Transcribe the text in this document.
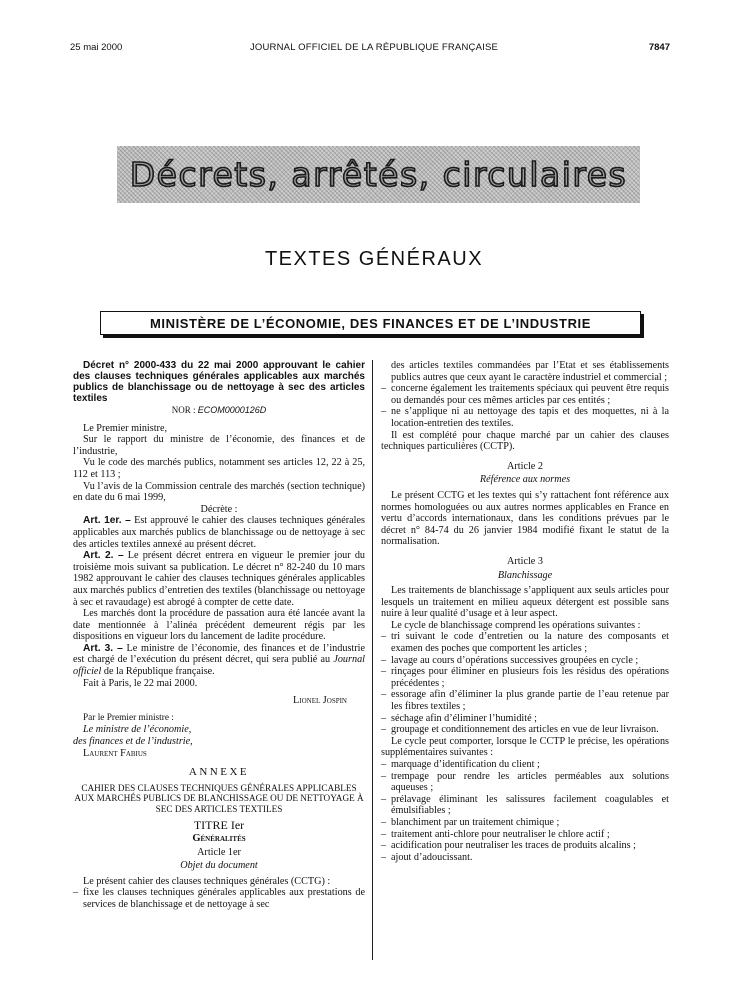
25 mai 2000	JOURNAL OFFICIEL DE LA RÉPUBLIQUE FRANÇAISE	7847
Décrets, arrêtés, circulaires
TEXTES GÉNÉRAUX
MINISTÈRE DE L’ÉCONOMIE, DES FINANCES ET DE L’INDUSTRIE

Décret n° 2000-433 du 22 mai 2000 approuvant le cahier des clauses techniques générales applicables aux marchés publics de blanchissage ou de nettoyage à sec des articles textiles

NOR : ECOM0000126D

Le Premier ministre,

Sur le rapport du ministre de l’économie, des finances et de l’industrie,

Vu le code des marchés publics, notamment ses articles 12, 22 à 25, 112 et 113 ;

Vu l’avis de la Commission centrale des marchés (section technique) en date du 6 mai 1999,

Décrète :

Art. 1er. – Est approuvé le cahier des clauses techniques générales applicables aux marchés publics de blanchissage ou de nettoyage à sec des articles textiles annexé au présent décret.

Art. 2. – Le présent décret entrera en vigueur le premier jour du troisième mois suivant sa publication. Le décret n° 82-240 du 10 mars 1982 approuvant le cahier des clauses techniques générales applicables aux marchés publics d’entretien des textiles (blanchissage ou nettoyage à sec et ravaudage) est abrogé à compter de cette date.

Les marchés dont la procédure de passation aura été lancée avant la date mentionnée à l’alinéa précédent demeurent régis par les dispositions en vigueur lors du lancement de ladite procédure.

Art. 3. – Le ministre de l’économie, des finances et de l’industrie est chargé de l’exécution du présent décret, qui sera publié au Journal officiel de la République française.

Fait à Paris, le 22 mai 2000.

Lionel Jospin

Par le Premier ministre :

Le ministre de l’économie,

des finances et de l’industrie,

Laurent Fabius

ANNEXE
CAHIER DES CLAUSES TECHNIQUES GÉNÉRALES APPLICABLES AUX MARCHÉS PUBLICS DE BLANCHISSAGE OU DE NETTOYAGE À SEC DES ARTICLES TEXTILES
TITRE Ier
Généralités
Article 1er
Objet du document

Le présent cahier des clauses techniques générales (CCTG) :

– fixe les clauses techniques générales applicables aux prestations de services de blanchissage et de nettoyage à sec

des articles textiles commandées par l’Etat et ses établissements publics autres que ceux ayant le caractère industriel et commercial ;

– concerne également les traitements spéciaux qui peuvent être requis ou demandés pour ces mêmes articles par ces entités ;

– ne s’applique ni au nettoyage des tapis et des moquettes, ni à la location-entretien des textiles.

Il est complété pour chaque marché par un cahier des clauses techniques particulières (CCTP).

Article 2
Référence aux normes

Le présent CCTG et les textes qui s’y rattachent font référence aux normes homologuées ou aux autres normes applicables en France en vertu d’accords internationaux, dans les conditions prévues par le décret n° 84-74 du 26 janvier 1984 modifié fixant le statut de la normalisation.

Article 3
Blanchissage

Les traitements de blanchissage s’appliquent aux seuls articles pour lesquels un traitement en milieu aqueux détergent est possible sans nuire à leur qualité d’usage et à leur aspect.

Le cycle de blanchissage comprend les opérations suivantes :

– tri suivant le code d’entretien ou la nature des composants et examen des poches que comportent les articles ;

– lavage au cours d’opérations successives groupées en cycle ;

– rinçages pour éliminer en plusieurs fois les résidus des opérations précédentes ;

– essorage afin d’éliminer la plus grande partie de l’eau retenue par les fibres textiles ;

– séchage afin d’éliminer l’humidité ;

– groupage et conditionnement des articles en vue de leur livraison.

Le cycle peut comporter, lorsque le CCTP le précise, les opérations supplémentaires suivantes :

– marquage d’identification du client ;

– trempage pour rendre les articles perméables aux solutions aqueuses ;

– prélavage éliminant les salissures facilement coagulables et émulsifiables ;

– blanchiment par un traitement chimique ;

– traitement anti-chlore pour neutraliser le chlore actif ;

– acidification pour neutraliser les traces de produits alcalins ;

– ajout d’adoucissant.
